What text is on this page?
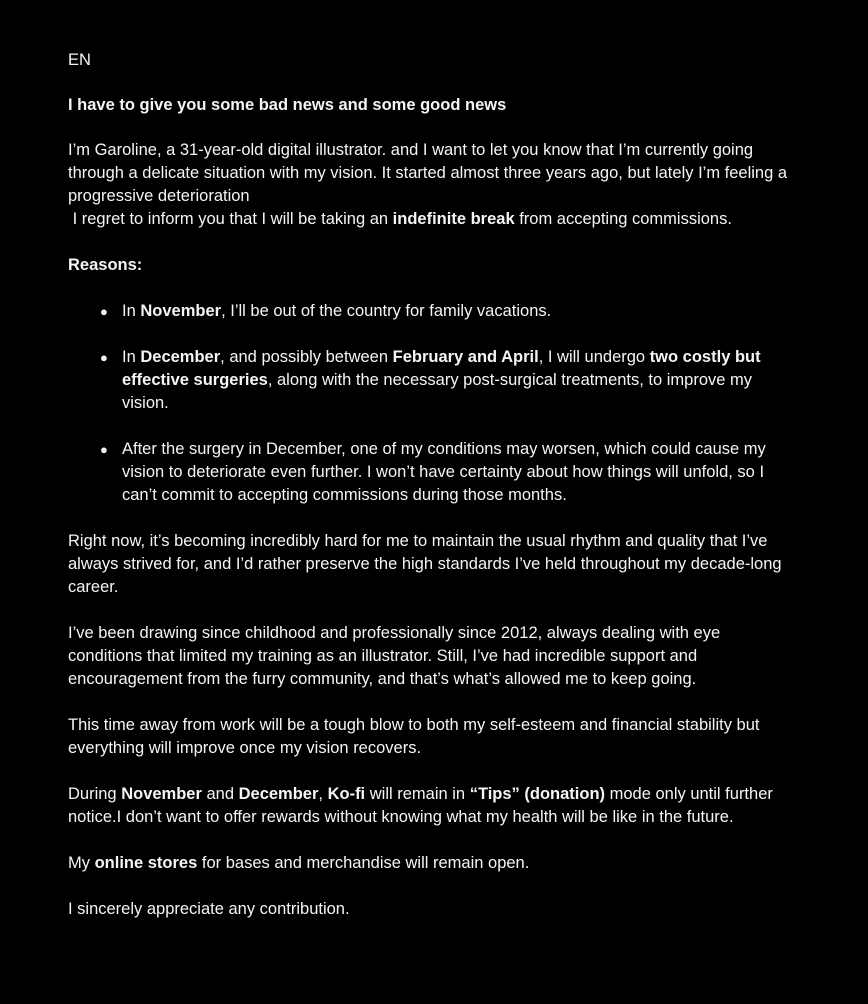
EN

I have to give you some bad news and some good news

I’m Garoline, a 31-year-old digital illustrator. and I want to let you know that I’m currently going through a delicate situation with my vision. It started almost three years ago, but lately I’m feeling a progressive deterioration
I regret to inform you that I will be taking an indefinite break from accepting commissions.

Reasons:

● In November, I’ll be out of the country for family vacations.
● In December, and possibly between February and April, I will undergo two costly but effective surgeries, along with the necessary post-surgical treatments, to improve my vision.
● After the surgery in December, one of my conditions may worsen, which could cause my vision to deteriorate even further. I won’t have certainty about how things will unfold, so I can’t commit to accepting commissions during those months.

Right now, it’s becoming incredibly hard for me to maintain the usual rhythm and quality that I’ve always strived for, and I’d rather preserve the high standards I’ve held throughout my decade-long career.

I’ve been drawing since childhood and professionally since 2012, always dealing with eye conditions that limited my training as an illustrator. Still, I’ve had incredible support and encouragement from the furry community, and that’s what’s allowed me to keep going.

This time away from work will be a tough blow to both my self-esteem and financial stability but everything will improve once my vision recovers.

During November and December, Ko-fi will remain in “Tips” (donation) mode only until further notice.I don’t want to offer rewards without knowing what my health will be like in the future.

My online stores for bases and merchandise will remain open.

I sincerely appreciate any contribution.
